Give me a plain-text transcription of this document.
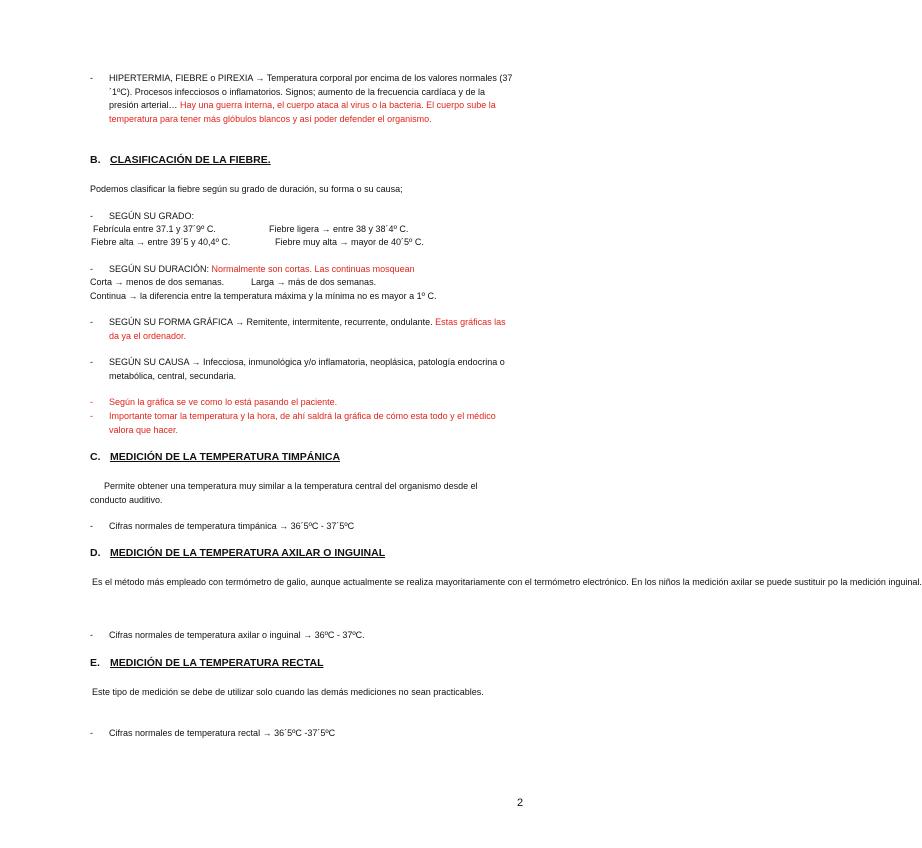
- HIPERTERMIA, FIEBRE o PIREXIA → Temperatura corporal por encima de los valores normales (37´1ºC). Procesos infecciosos o inflamatorios. Signos; aumento de la frecuencia cardíaca y de la presión arterial… Hay una guerra interna, el cuerpo ataca al virus o la bacteria. El cuerpo sube la temperatura para tener más glóbulos blancos y así poder defender el organismo.
B. CLASIFICACIÓN DE LA FIEBRE.
Podemos clasificar la fiebre según su grado de duración, su forma o su causa;
- SEGÚN SU GRADO:
Febrícula entre 37.1 y 37´9º C.	Fiebre ligera → entre 38 y 38´4º C.
Fiebre alta → entre 39´5 y 40,4º C.	Fiebre muy alta → mayor de 40´5º C.
- SEGÚN SU DURACIÓN: Normalmente son cortas. Las continuas mosquean
Corta → menos de dos semanas.	Larga → más de dos semanas.
Continua → la diferencia entre la temperatura máxima y la mínima no es mayor a 1º C.
- SEGÚN SU FORMA GRÁFICA → Remitente, intermitente, recurrente, ondulante. Estas gráficas las da ya el ordenador.
- SEGÚN SU CAUSA → Infecciosa, inmunológica y/o inflamatoria, neoplásica, patología endocrina o metabólica, central, secundaria.
- Según la gráfica se ve como lo está pasando el paciente.
- Importante tomar la temperatura y la hora, de ahí saldrá la gráfica de cómo esta todo y el médico valora que hacer.
C. MEDICIÓN DE LA TEMPERATURA TIMPÁNICA
Permite obtener una temperatura muy similar a la temperatura central del organismo desde el conducto auditivo.
- Cifras normales de temperatura timpánica → 36´5ºC - 37´5ºC
D. MEDICIÓN DE LA TEMPERATURA AXILAR O INGUINAL
Es el método más empleado con termómetro de galio, aunque actualmente se realiza mayoritariamente con el termómetro electrónico. En los niños la medición axilar se puede sustituir po la medición inguinal.
- Cifras normales de temperatura axilar o inguinal → 36ºC - 37ºC.
E. MEDICIÓN DE LA TEMPERATURA RECTAL
Este tipo de medición se debe de utilizar solo cuando las demás mediciones no sean practicables.
- Cifras normales de temperatura rectal → 36´5ºC -37´5ºC
2
